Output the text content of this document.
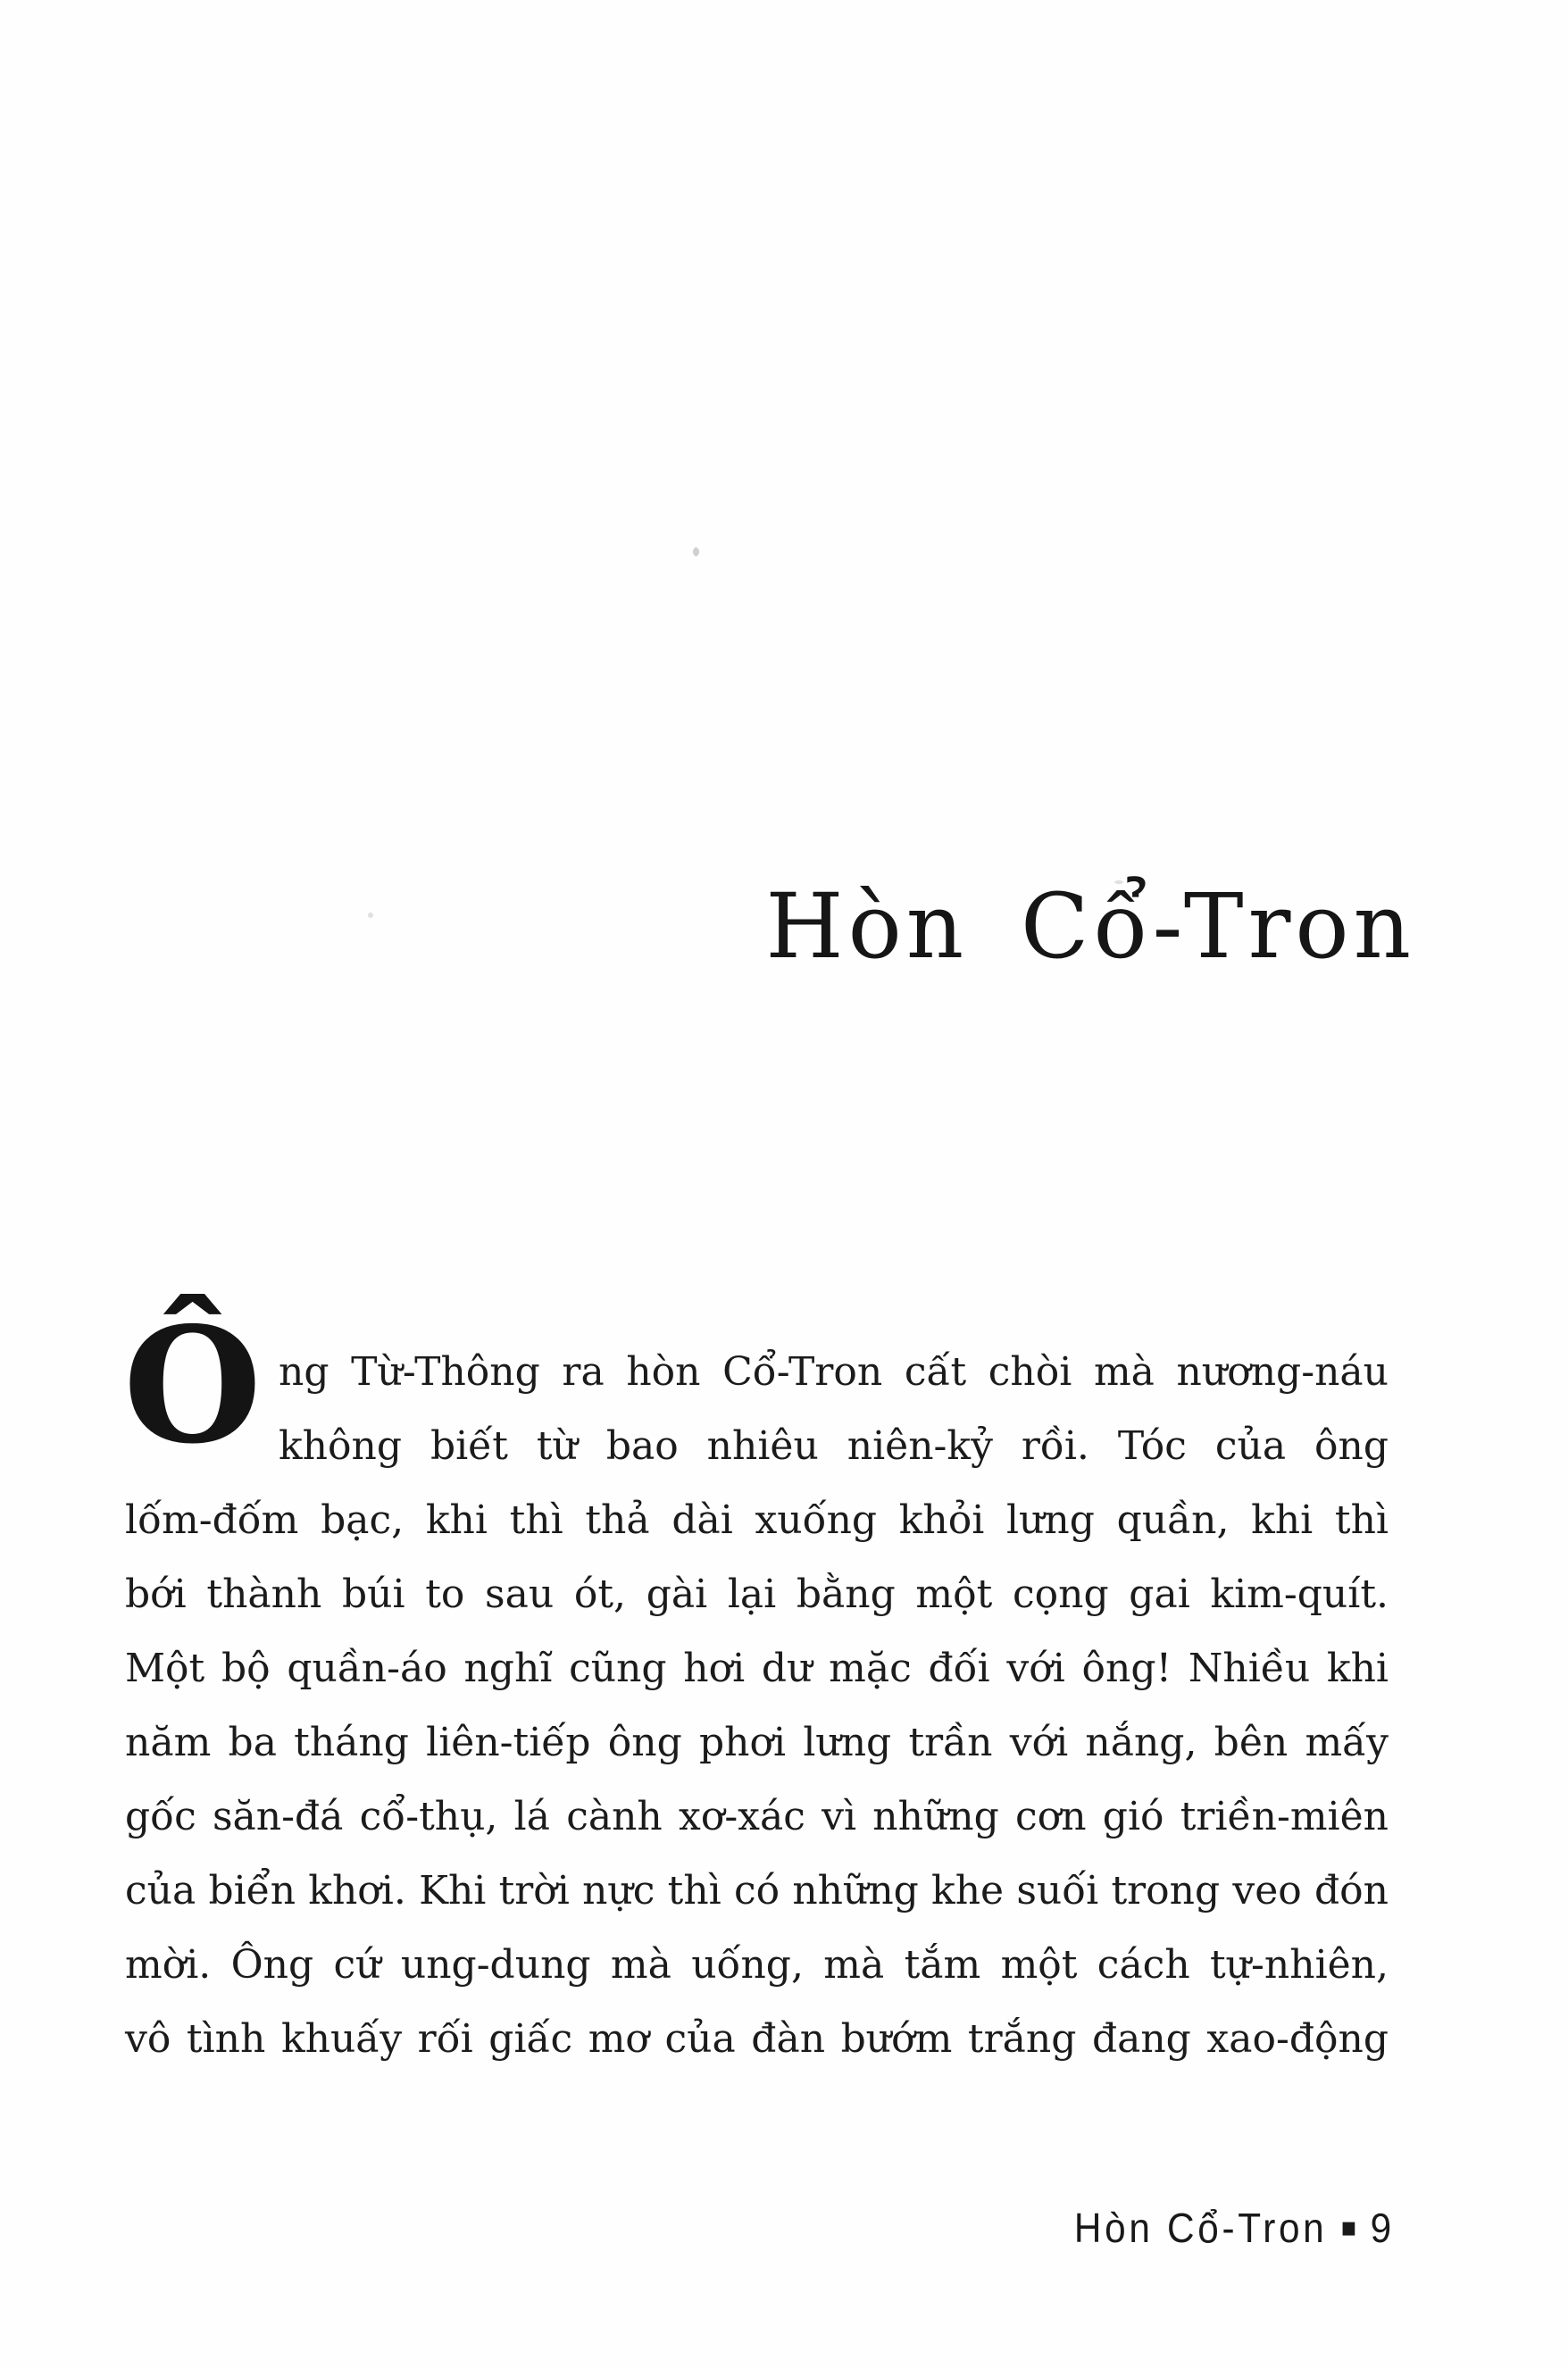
Hòn Cổ-Tron
Ô ng Từ-Thông ra hòn Cổ-Tron cất chòi mà nương-náu
không biết từ bao nhiêu niên-kỷ rồi. Tóc của ông
lốm-đốm bạc, khi thì thả dài xuống khỏi lưng quần, khi thì
bới thành búi to sau ót, gài lại bằng một cọng gai kim-quít.
Một bộ quần-áo nghĩ cũng hơi dư mặc đối với ông! Nhiều khi
năm ba tháng liên-tiếp ông phơi lưng trần với nắng, bên mấy
gốc săn-đá cổ-thụ, lá cành xơ-xác vì những cơn gió triền-miên
của biển khơi. Khi trời nực thì có những khe suối trong veo đón
mời. Ông cứ ung-dung mà uống, mà tắm một cách tự-nhiên,
vô tình khuấy rối giấc mơ của đàn bướm trắng đang xao-động
Hòn Cổ-Tron ▪ 9
